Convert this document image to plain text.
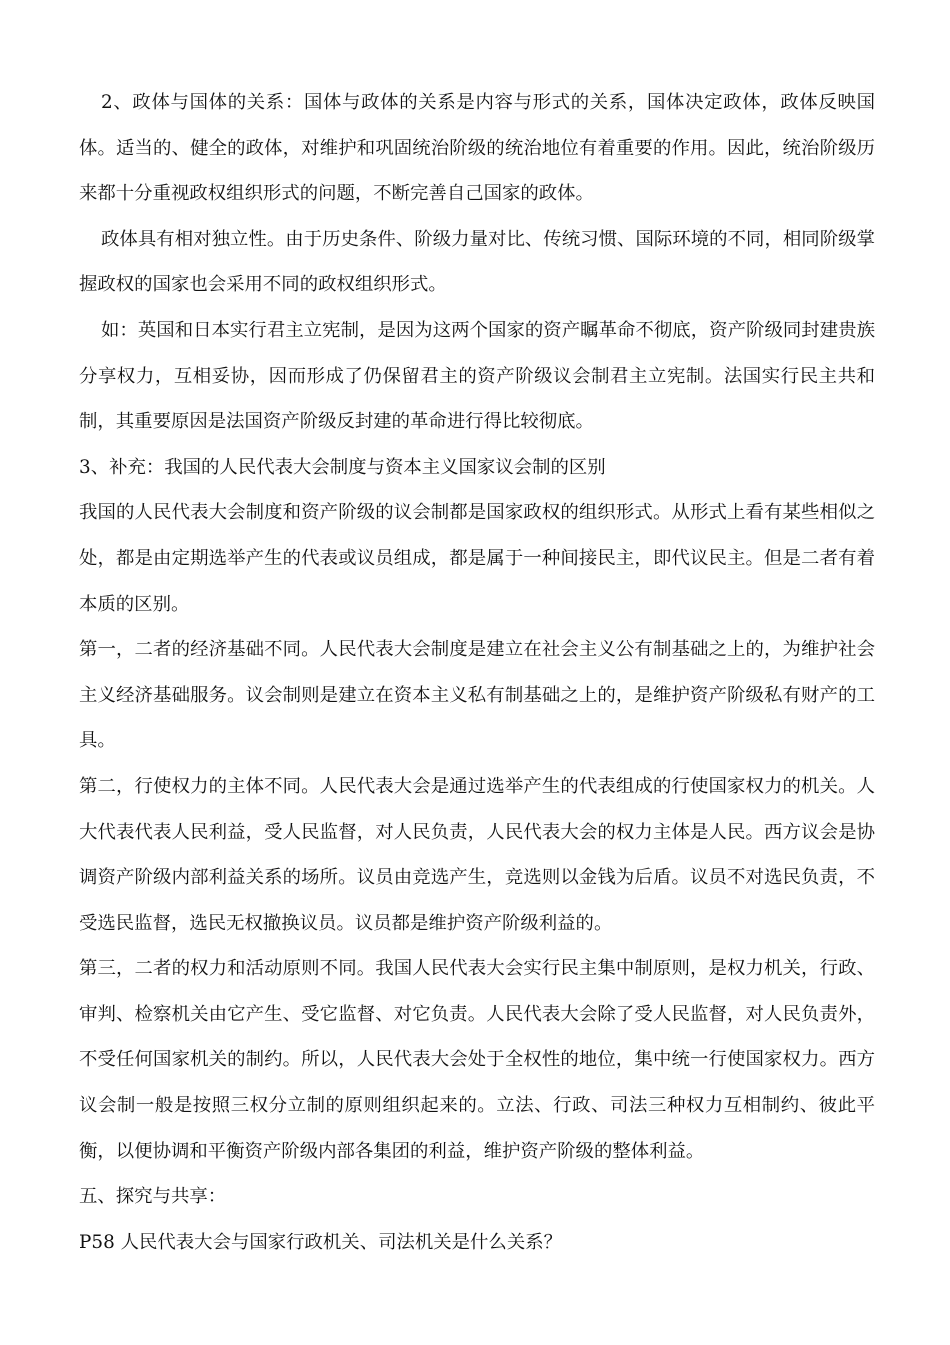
2、政体与国体的关系：国体与政体的关系是内容与形式的关系，国体决定政体，政体反映国体。适当的、健全的政体，对维护和巩固统治阶级的统治地位有着重要的作用。因此，统治阶级历来都十分重视政权组织形式的问题，不断完善自己国家的政体。

政体具有相对独立性。由于历史条件、阶级力量对比、传统习惯、国际环境的不同，相同阶级掌握政权的国家也会采用不同的政权组织形式。

如：英国和日本实行君主立宪制，是因为这两个国家的资产瞩革命不彻底，资产阶级同封建贵族分享权力，互相妥协，因而形成了仍保留君主的资产阶级议会制君主立宪制。法国实行民主共和制，其重要原因是法国资产阶级反封建的革命进行得比较彻底。

3、补充：我国的人民代表大会制度与资本主义国家议会制的区别

我国的人民代表大会制度和资产阶级的议会制都是国家政权的组织形式。从形式上看有某些相似之处，都是由定期选举产生的代表或议员组成，都是属于一种间接民主，即代议民主。但是二者有着本质的区别。

第一，二者的经济基础不同。人民代表大会制度是建立在社会主义公有制基础之上的，为维护社会主义经济基础服务。议会制则是建立在资本主义私有制基础之上的，是维护资产阶级私有财产的工具。

第二，行使权力的主体不同。人民代表大会是通过选举产生的代表组成的行使国家权力的机关。人大代表代表人民利益，受人民监督，对人民负责，人民代表大会的权力主体是人民。西方议会是协调资产阶级内部利益关系的场所。议员由竞选产生，竞选则以金钱为后盾。议员不对选民负责，不受选民监督，选民无权撤换议员。议员都是维护资产阶级利益的。

第三，二者的权力和活动原则不同。我国人民代表大会实行民主集中制原则，是权力机关，行政、审判、检察机关由它产生、受它监督、对它负责。人民代表大会除了受人民监督，对人民负责外，不受任何国家机关的制约。所以，人民代表大会处于全权性的地位，集中统一行使国家权力。西方议会制一般是按照三权分立制的原则组织起来的。立法、行政、司法三种权力互相制约、彼此平衡，以便协调和平衡资产阶级内部各集团的利益，维护资产阶级的整体利益。

五、探究与共享：

P58 人民代表大会与国家行政机关、司法机关是什么关系？
